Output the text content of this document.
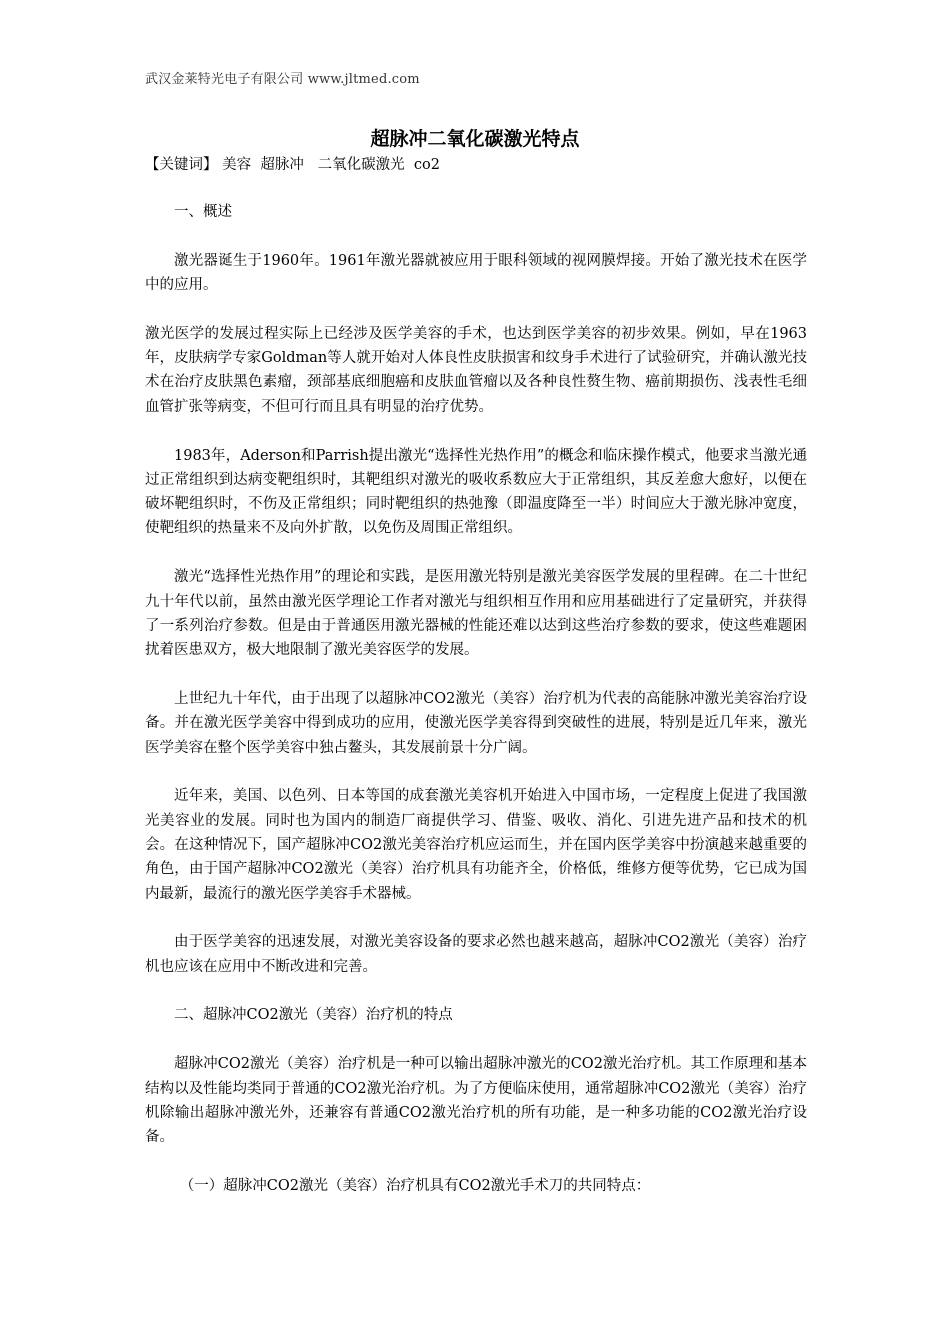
武汉金莱特光电子有限公司 www.jltmed.com
超脉冲二氧化碳激光特点
【关键词】 美容  超脉冲   二氧化碳激光  co2

一、概述

激光器诞生于1960年。1961年激光器就被应用于眼科领域的视网膜焊接。开始了激光技术在医学中的应用。

激光医学的发展过程实际上已经涉及医学美容的手术，也达到医学美容的初步效果。例如，早在1963年，皮肤病学专家Goldman等人就开始对人体良性皮肤损害和纹身手术进行了试验研究，并确认激光技术在治疗皮肤黑色素瘤，颈部基底细胞癌和皮肤血管瘤以及各种良性赘生物、癌前期损伤、浅表性毛细血管扩张等病变，不但可行而且具有明显的治疗优势。

1983年，Aderson和Parrish提出激光“选择性光热作用”的概念和临床操作模式，他要求当激光通过正常组织到达病变靶组织时，其靶组织对激光的吸收系数应大于正常组织，其反差愈大愈好，以便在破坏靶组织时，不伤及正常组织；同时靶组织的热弛豫（即温度降至一半）时间应大于激光脉冲宽度，使靶组织的热量来不及向外扩散，以免伤及周围正常组织。

激光“选择性光热作用”的理论和实践，是医用激光特别是激光美容医学发展的里程碑。在二十世纪九十年代以前，虽然由激光医学理论工作者对激光与组织相互作用和应用基础进行了定量研究，并获得了一系列治疗参数。但是由于普通医用激光器械的性能还难以达到这些治疗参数的要求，使这些难题困扰着医患双方，极大地限制了激光美容医学的发展。

上世纪九十年代，由于出现了以超脉冲CO2激光（美容）治疗机为代表的高能脉冲激光美容治疗设备。并在激光医学美容中得到成功的应用，使激光医学美容得到突破性的进展，特别是近几年来，激光医学美容在整个医学美容中独占鳌头，其发展前景十分广阔。

近年来，美国、以色列、日本等国的成套激光美容机开始进入中国市场，一定程度上促进了我国激光美容业的发展。同时也为国内的制造厂商提供学习、借鉴、吸收、消化、引进先进产品和技术的机会。在这种情况下，国产超脉冲CO2激光美容治疗机应运而生，并在国内医学美容中扮演越来越重要的角色，由于国产超脉冲CO2激光（美容）治疗机具有功能齐全，价格低，维修方便等优势，它已成为国内最新，最流行的激光医学美容手术器械。

由于医学美容的迅速发展，对激光美容设备的要求必然也越来越高，超脉冲CO2激光（美容）治疗机也应该在应用中不断改进和完善。

二、超脉冲CO2激光（美容）治疗机的特点

超脉冲CO2激光（美容）治疗机是一种可以输出超脉冲激光的CO2激光治疗机。其工作原理和基本结构以及性能均类同于普通的CO2激光治疗机。为了方便临床使用，通常超脉冲CO2激光（美容）治疗机除输出超脉冲激光外，还兼容有普通CO2激光治疗机的所有功能，是一种多功能的CO2激光治疗设备。

（一）超脉冲CO2激光（美容）治疗机具有CO2激光手术刀的共同特点：
